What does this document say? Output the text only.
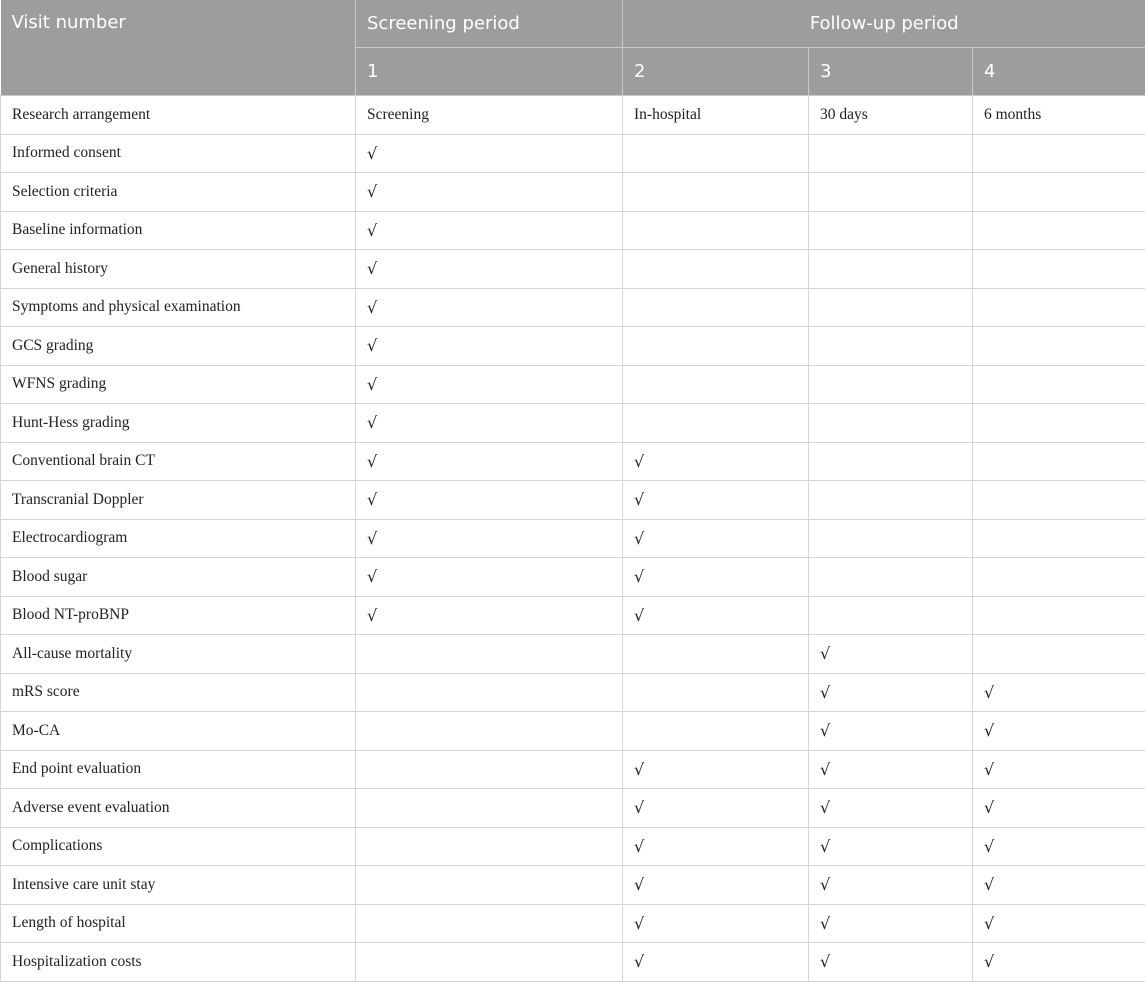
Visit number	Screening period	Follow-up period		
	1	2	3	4
Research arrangement	Screening	In-hospital	30 days	6 months
Informed consent	√			
Selection criteria	√			
Baseline information	√			
General history	√			
Symptoms and physical examination	√			
GCS grading	√			
WFNS grading	√			
Hunt-Hess grading	√			
Conventional brain CT	√	√		
Transcranial Doppler	√	√		
Electrocardiogram	√	√		
Blood sugar	√	√		
Blood NT-proBNP	√	√		
All-cause mortality			√	
mRS score			√	√
Mo-CA			√	√
End point evaluation		√	√	√
Adverse event evaluation		√	√	√
Complications		√	√	√
Intensive care unit stay		√	√	√
Length of hospital		√	√	√
Hospitalization costs		√	√	√
